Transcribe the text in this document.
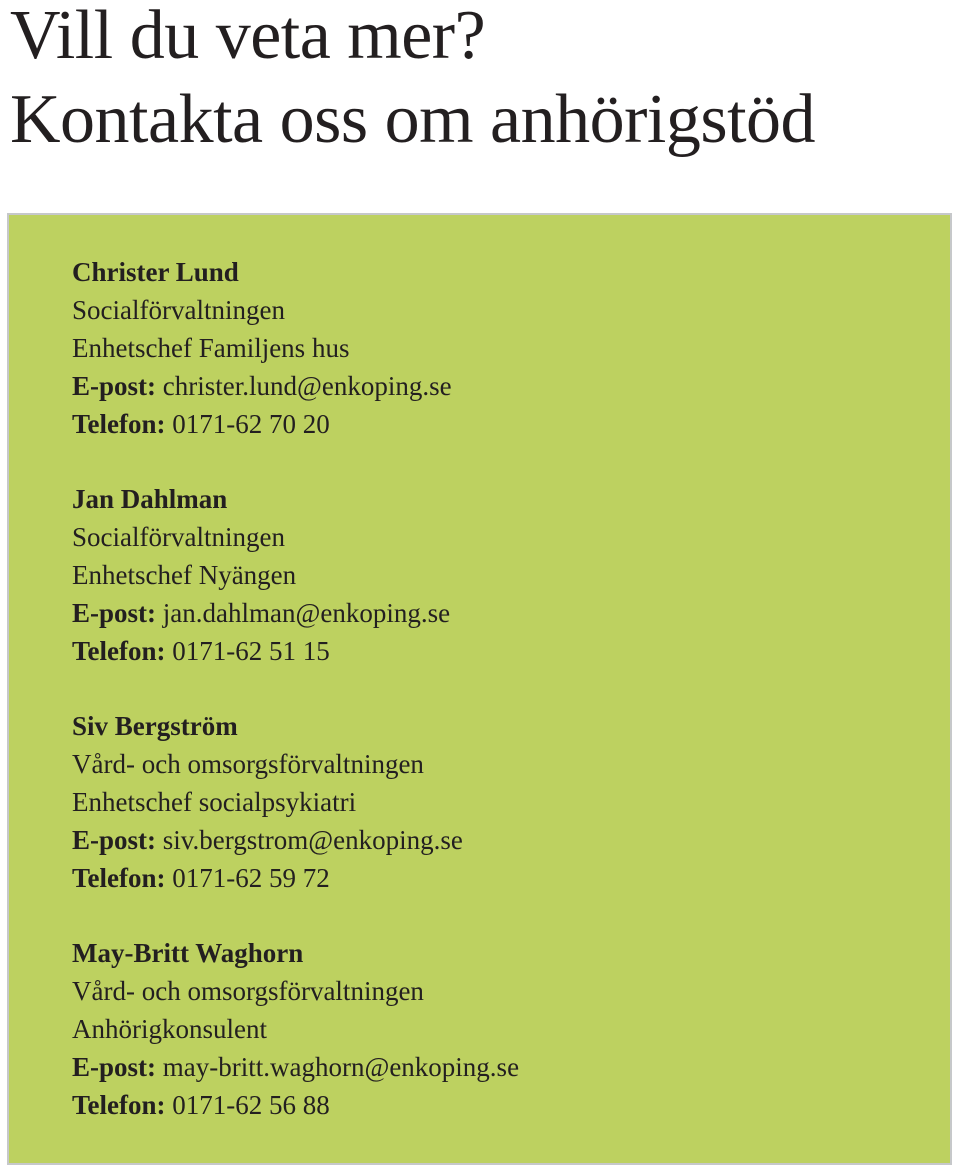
Vill du veta mer?
Kontakta oss om anhörigstöd
Christer Lund
Socialförvaltningen
Enhetschef Familjens hus
E-post: christer.lund@enkoping.se
Telefon: 0171-62 70 20
Jan Dahlman
Socialförvaltningen
Enhetschef Nyängen
E-post: jan.dahlman@enkoping.se
Telefon: 0171-62 51 15
Siv Bergström
Vård- och omsorgsförvaltningen
Enhetschef socialpsykiatri
E-post: siv.bergstrom@enkoping.se
Telefon: 0171-62 59 72
May-Britt Waghorn
Vård- och omsorgsförvaltningen
Anhörigkonsulent
E-post: may-britt.waghorn@enkoping.se
Telefon: 0171-62 56 88
